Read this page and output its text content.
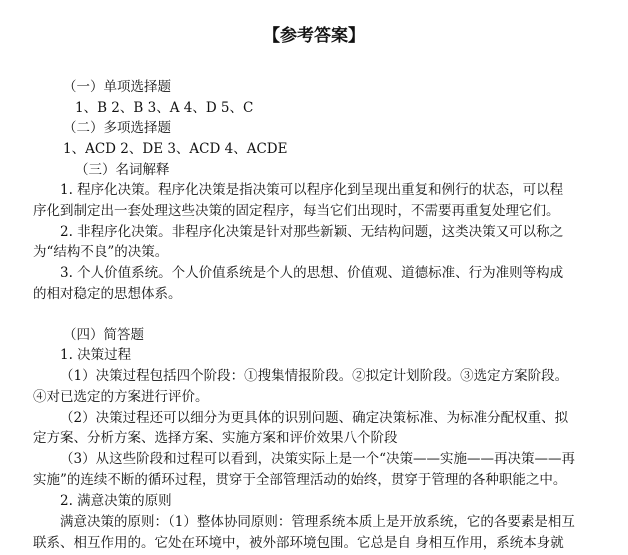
【参考答案】
（一）单项选择题
1、B 2、B 3、A 4、D 5、C
（二）多项选择题
1、ACD 2、DE 3、ACD 4、ACDE
（三）名词解释
1. 程序化决策。程序化决策是指决策可以程序化到呈现出重复和例行的状态，可以程
序化到制定出一套处理这些决策的固定程序，每当它们出现时，不需要再重复处理它们。
2. 非程序化决策。非程序化决策是针对那些新颖、无结构问题，这类决策又可以称之
为“结构不良”的决策。
3. 个人价值系统。个人价值系统是个人的思想、价值观、道德标准、行为准则等构成
的相对稳定的思想体系。
（四）简答题
1. 决策过程
（1）决策过程包括四个阶段：①搜集情报阶段。②拟定计划阶段。③选定方案阶段。
④对已选定的方案进行评价。
（2）决策过程还可以细分为更具体的识别问题、确定决策标准、为标准分配权重、拟
定方案、分析方案、选择方案、实施方案和评价效果八个阶段
（3）从这些阶段和过程可以看到，决策实际上是一个“决策——实施——再决策——再
实施”的连续不断的循环过程，贯穿于全部管理活动的始终，贯穿于管理的各种职能之中。
2. 满意决策的原则
满意决策的原则：（1）整体协同原则：管理系统本质上是开放系统，它的各要素是相互
联系、相互作用的。它处在环境中，被外部环境包围。它总是自 身相互作用，系统本身就
